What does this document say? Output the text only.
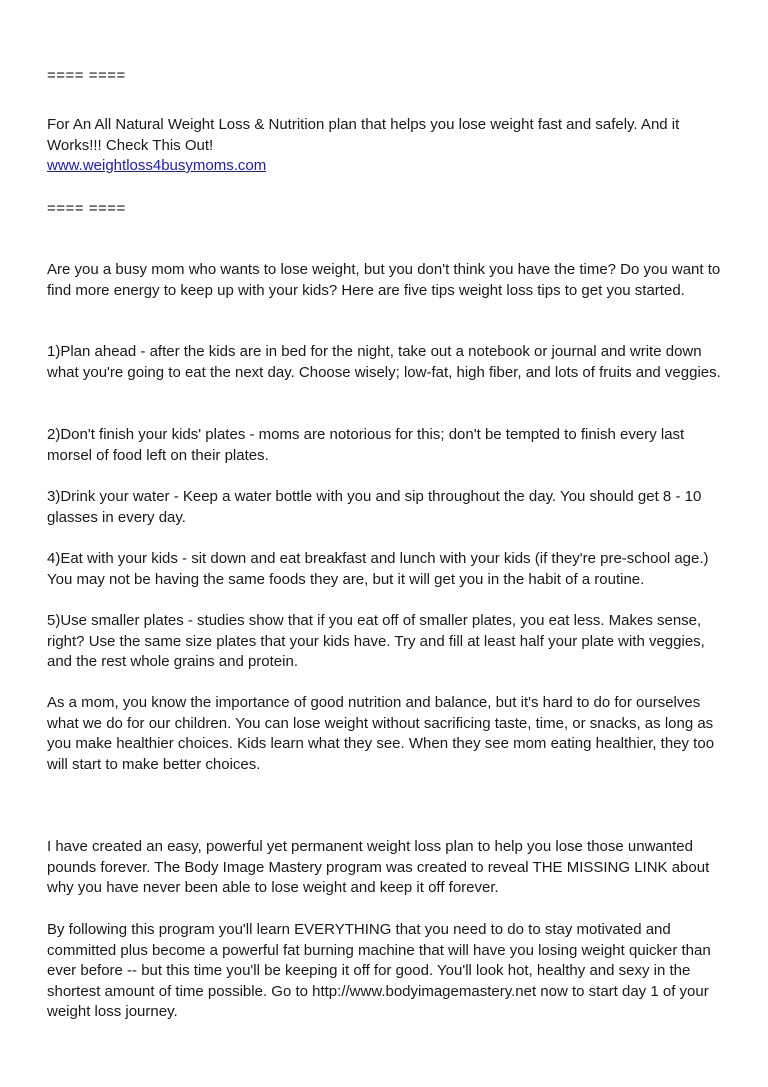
==== ====

For An All Natural Weight Loss & Nutrition plan that helps you lose weight fast and safely. And it Works!!! Check This Out!
www.weightloss4busymoms.com

==== ====

Are you a busy mom who wants to lose weight, but you don't think you have the time? Do you want to find more energy to keep up with your kids? Here are five tips weight loss tips to get you started.

1)Plan ahead - after the kids are in bed for the night, take out a notebook or journal and write down what you're going to eat the next day. Choose wisely; low-fat, high fiber, and lots of fruits and veggies.

2)Don't finish your kids' plates - moms are notorious for this; don't be tempted to finish every last morsel of food left on their plates.

3)Drink your water - Keep a water bottle with you and sip throughout the day. You should get 8 - 10 glasses in every day.

4)Eat with your kids - sit down and eat breakfast and lunch with your kids (if they're pre-school age.) You may not be having the same foods they are, but it will get you in the habit of a routine.

5)Use smaller plates - studies show that if you eat off of smaller plates, you eat less. Makes sense, right? Use the same size plates that your kids have. Try and fill at least half your plate with veggies, and the rest whole grains and protein.

As a mom, you know the importance of good nutrition and balance, but it's hard to do for ourselves what we do for our children. You can lose weight without sacrificing taste, time, or snacks, as long as you make healthier choices. Kids learn what they see. When they see mom eating healthier, they too will start to make better choices.

I have created an easy, powerful yet permanent weight loss plan to help you lose those unwanted pounds forever. The Body Image Mastery program was created to reveal THE MISSING LINK about why you have never been able to lose weight and keep it off forever.

By following this program you'll learn EVERYTHING that you need to do to stay motivated and committed plus become a powerful fat burning machine that will have you losing weight quicker than ever before -- but this time you'll be keeping it off for good. You'll look hot, healthy and sexy in the shortest amount of time possible. Go to http://www.bodyimagemastery.net now to start day 1 of your weight loss journey.
